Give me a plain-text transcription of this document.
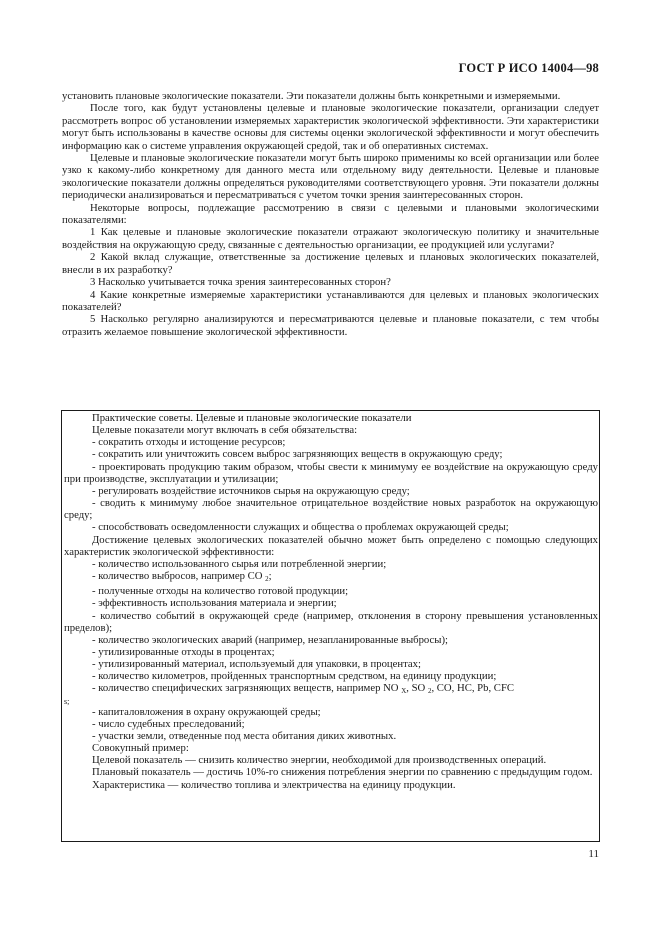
ГОСТ Р ИСО 14004—98

установить плановые экологические показатели. Эти показатели должны быть конкретными и измеряемыми.

После того, как будут установлены целевые и плановые экологические показатели, организации следует рассмотреть вопрос об установлении измеряемых характеристик экологической эффективности. Эти характеристики могут быть использованы в качестве основы для системы оценки экологической эффективности и могут обеспечить информацию как о системе управления окружающей средой, так и об оперативных системах.

Целевые и плановые экологические показатели могут быть широко применимы ко всей организации или более узко к какому-либо конкретному для данного места или отдельному виду деятельности. Целевые и плановые экологические показатели должны определяться руководителями соответствующего уровня. Эти показатели должны периодически анализироваться и пересматриваться с учетом точки зрения заинтересованных сторон.

Некоторые вопросы, подлежащие рассмотрению в связи с целевыми и плановыми экологическими показателями:

1 Как целевые и плановые экологические показатели отражают экологическую политику и значительные воздействия на окружающую среду, связанные с деятельностью организации, ее продукцией или услугами?

2 Какой вклад служащие, ответственные за достижение целевых и плановых экологических показателей, внесли в их разработку?

3 Насколько учитывается точка зрения заинтересованных сторон?

4 Какие конкретные измеряемые характеристики устанавливаются для целевых и плановых экологических показателей?

5 Насколько регулярно анализируются и пересматриваются целевые и плановые показатели, с тем чтобы отразить желаемое повышение экологической эффективности.

Практические советы. Целевые и плановые экологические показатели

Целевые показатели могут включать в себя обязательства:

- сократить отходы и истощение ресурсов;

- сократить или уничтожить совсем выброс загрязняющих веществ в окружающую среду;

- проектировать продукцию таким образом, чтобы свести к минимуму ее воздействие на окружающую среду при производстве, эксплуатации и утилизации;

- регулировать воздействие источников сырья на окружающую среду;

- сводить к минимуму любое значительное отрицательное воздействие новых разработок на окружающую среду;

- способствовать осведомленности служащих и общества о проблемах окружающей среды;

Достижение целевых экологических показателей обычно может быть определено с помощью следующих характеристик экологической эффективности:

- количество использованного сырья или потребленной энергии;

- количество выбросов, например CO $_2$;

- полученные отходы на количество готовой продукции;

- эффективность использования материала и энергии;

- количество событий в окружающей среде (например, отклонения в сторону превышения установленных пределов);

- количество экологических аварий (например, незапланированные выбросы);

- утилизированные отходы в процентах;

- утилизированный материал, используемый для упаковки, в процентах;

- количество километров, пройденных транспортным средством, на единицу продукции;

- количество специфических загрязняющих веществ, например NO $_X$, SO $_2$, CO, HC, Pb, CFC

s;

- капиталовложения в охрану окружающей среды;

- число судебных преследований;

- участки земли, отведенные под места обитания диких животных.

Совокупный пример:

Целевой показатель — снизить количество энергии, необходимой для производственных операций.

Плановый показатель — достичь 10%-го снижения потребления энергии по сравнению с предыдущим годом.

Характеристика — количество топлива и электричества на единицу продукции.

11
